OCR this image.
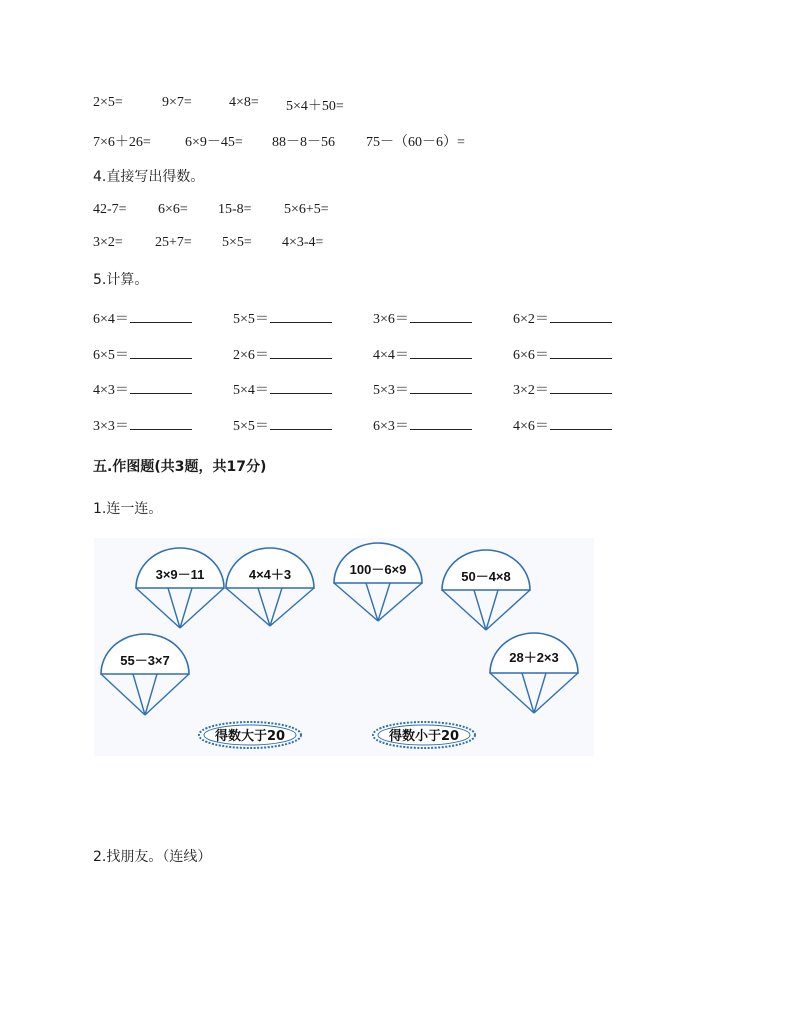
2×5=	9×7=	4×8= 5×4＋50=
7×6＋26= 6×9－45= 88－8－56 75－（60－6）=
4.直接写出得数。
42-7= 6×6= 15-8= 5×6+5=
3×2= 25+7= 5×5= 4×3-4=
5.计算。
6×4＝	5×5＝	3×6＝	6×2＝
6×5＝	2×6＝	4×4＝	6×6＝
4×3＝	5×4＝	5×3＝	3×2＝
3×3＝	5×5＝	6×3＝	4×6＝
五.作图题(共3题，共17分)
1.连一连。
3×9－11	4×4＋3	100－6×9	50－4×8
55－3×7	28＋2×3
得数大于20	得数小于20
2.找朋友。（连线）
